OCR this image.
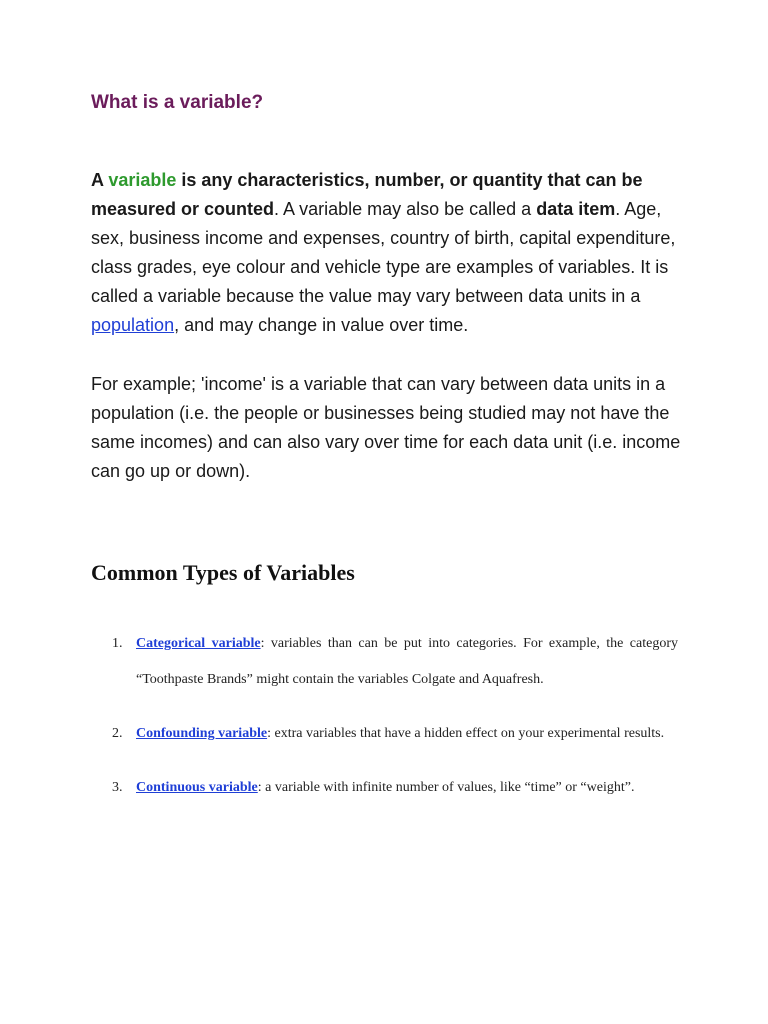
What is a variable?

A variable is any characteristics, number, or quantity that can be measured or counted. A variable may also be called a data item. Age, sex, business income and expenses, country of birth, capital expenditure, class grades, eye colour and vehicle type are examples of variables. It is called a variable because the value may vary between data units in a population, and may change in value over time.

For example; 'income' is a variable that can vary between data units in a population (i.e. the people or businesses being studied may not have the same incomes) and can also vary over time for each data unit (i.e. income can go up or down).

Common Types of Variables
1. Categorical variable: variables than can be put into categories. For example, the category “Toothpaste Brands” might contain the variables Colgate and Aquafresh.
2. Confounding variable: extra variables that have a hidden effect on your experimental results.
3. Continuous variable: a variable with infinite number of values, like “time” or “weight”.
